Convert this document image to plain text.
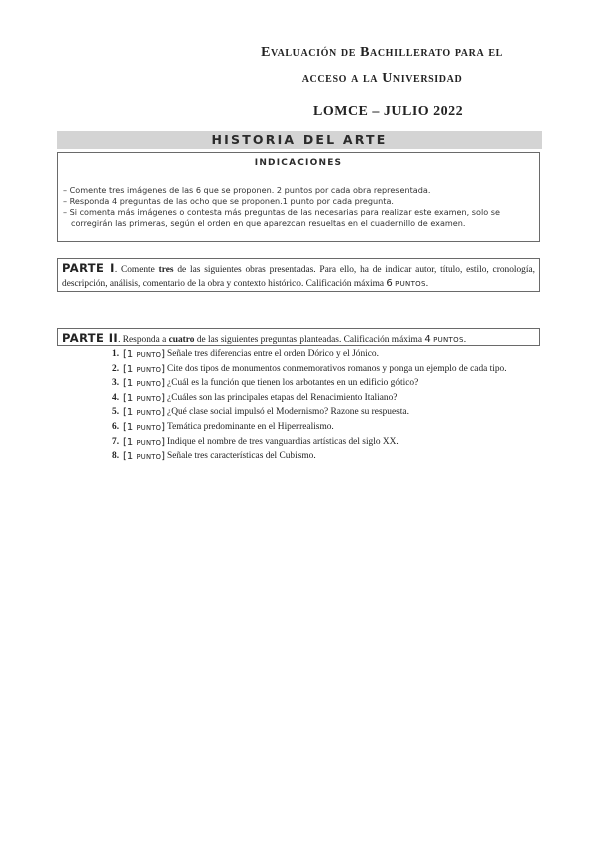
Evaluación de Bachillerato para el
acceso a la Universidad
LOMCE – JULIO 2022
HISTORIA DEL ARTE
INDICACIONES
– Comente tres imágenes de las 6 que se proponen. 2 puntos por cada obra representada.
– Responda 4 preguntas de las ocho que se proponen.1 punto por cada pregunta.
– Si comenta más imágenes o contesta más preguntas de las necesarias para realizar este examen, solo se corregirán las primeras, según el orden en que aparezcan resueltas en el cuadernillo de examen.
PARTE I. Comente tres de las siguientes obras presentadas. Para ello, ha de indicar autor, título, estilo, cronología, descripción, análisis, comentario de la obra y contexto histórico. Calificación máxima 6 PUNTOS.
PARTE II. Responda a cuatro de las siguientes preguntas planteadas. Calificación máxima 4 PUNTOS.
1. [1 PUNTO] Señale tres diferencias entre el orden Dórico y el Jónico.
2. [1 PUNTO] Cite dos tipos de monumentos conmemorativos romanos y ponga un ejemplo de cada tipo.
3. [1 PUNTO] ¿Cuál es la función que tienen los arbotantes en un edificio gótico?
4. [1 PUNTO] ¿Cuáles son las principales etapas del Renacimiento Italiano?
5. [1 PUNTO] ¿Qué clase social impulsó el Modernismo? Razone su respuesta.
6. [1 PUNTO] Temática predominante en el Hiperrealismo.
7. [1 PUNTO] Indique el nombre de tres vanguardias artísticas del siglo XX.
8. [1 PUNTO] Señale tres características del Cubismo.
